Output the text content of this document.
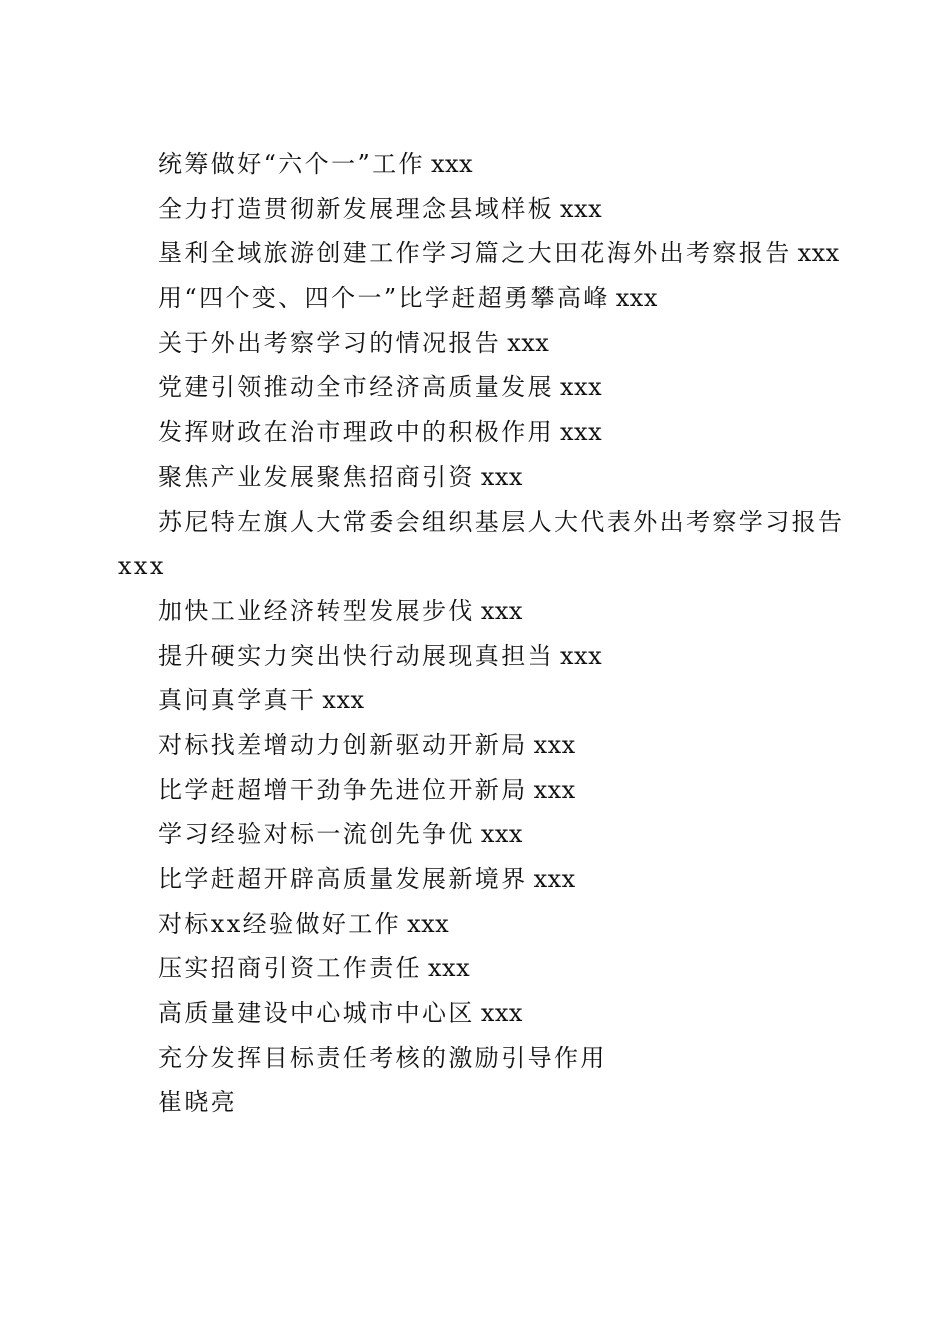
统筹做好“六个一”工作 xxx
全力打造贯彻新发展理念县域样板 xxx
垦利全域旅游创建工作学习篇之大田花海外出考察报告 xxx
用“四个变、四个一”比学赶超勇攀高峰 xxx
关于外出考察学习的情况报告 xxx
党建引领推动全市经济高质量发展 xxx
发挥财政在治市理政中的积极作用 xxx
聚焦产业发展聚焦招商引资 xxx
苏尼特左旗人大常委会组织基层人大代表外出考察学习报告
xxx
加快工业经济转型发展步伐 xxx
提升硬实力突出快行动展现真担当 xxx
真问真学真干 xxx
对标找差增动力创新驱动开新局 xxx
比学赶超增干劲争先进位开新局 xxx
学习经验对标一流创先争优 xxx
比学赶超开辟高质量发展新境界 xxx
对标xx经验做好工作 xxx
压实招商引资工作责任 xxx
高质量建设中心城市中心区 xxx
充分发挥目标责任考核的激励引导作用
崔晓亮
